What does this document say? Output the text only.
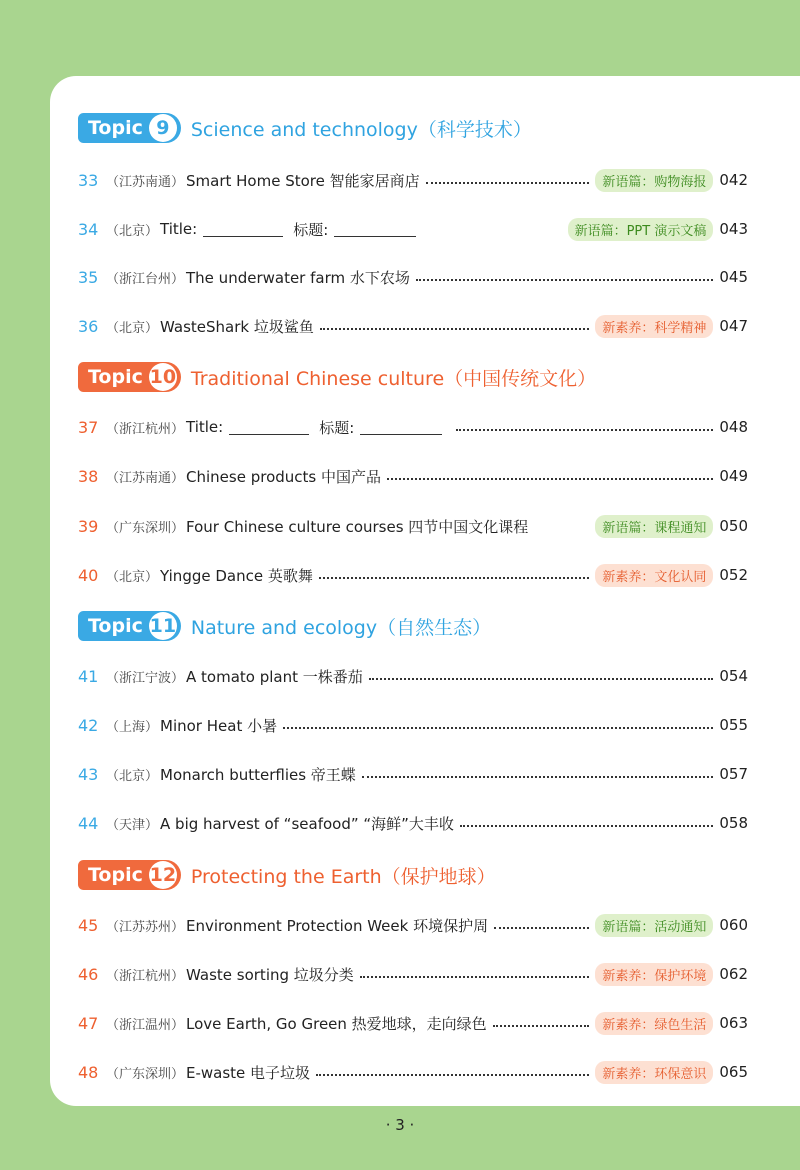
Topic 9	Science and technology（科学技术）
33 （江苏南通） Smart Home Store 智能家居商店	新语篇：购物海报 042
34 （北京） Title:	标题:	新语篇：PPT 演示文稿 043
35 （浙江台州） The underwater farm 水下农场	045
36 （北京） WasteShark 垃圾鲨鱼	新素养：科学精神 047
Topic 10 Traditional Chinese culture（中国传统文化）
37 （浙江杭州） Title:	标题:	048
38 （江苏南通） Chinese products 中国产品	049
39 （广东深圳） Four Chinese culture courses 四节中国文化课程	新语篇：课程通知 050
40 （北京） Yingge Dance 英歌舞	新素养：文化认同 052
Topic 11 Nature and ecology（自然生态）
41 （浙江宁波） A tomato plant 一株番茄	054
42 （上海） Minor Heat 小暑	055
43 （北京） Monarch butterflies 帝王蝶	057
44 （天津） A big harvest of “seafood” “海鲜”大丰收	058
Topic 12 Protecting the Earth（保护地球）
45 （江苏苏州） Environment Protection Week 环境保护周	新语篇：活动通知 060
46 （浙江杭州） Waste sorting 垃圾分类	新素养：保护环境 062
47 （浙江温州） Love Earth, Go Green 热爱地球，走向绿色	新素养：绿色生活 063
48 （广东深圳） E-waste 电子垃圾	新素养：环保意识 065
· 3 ·
